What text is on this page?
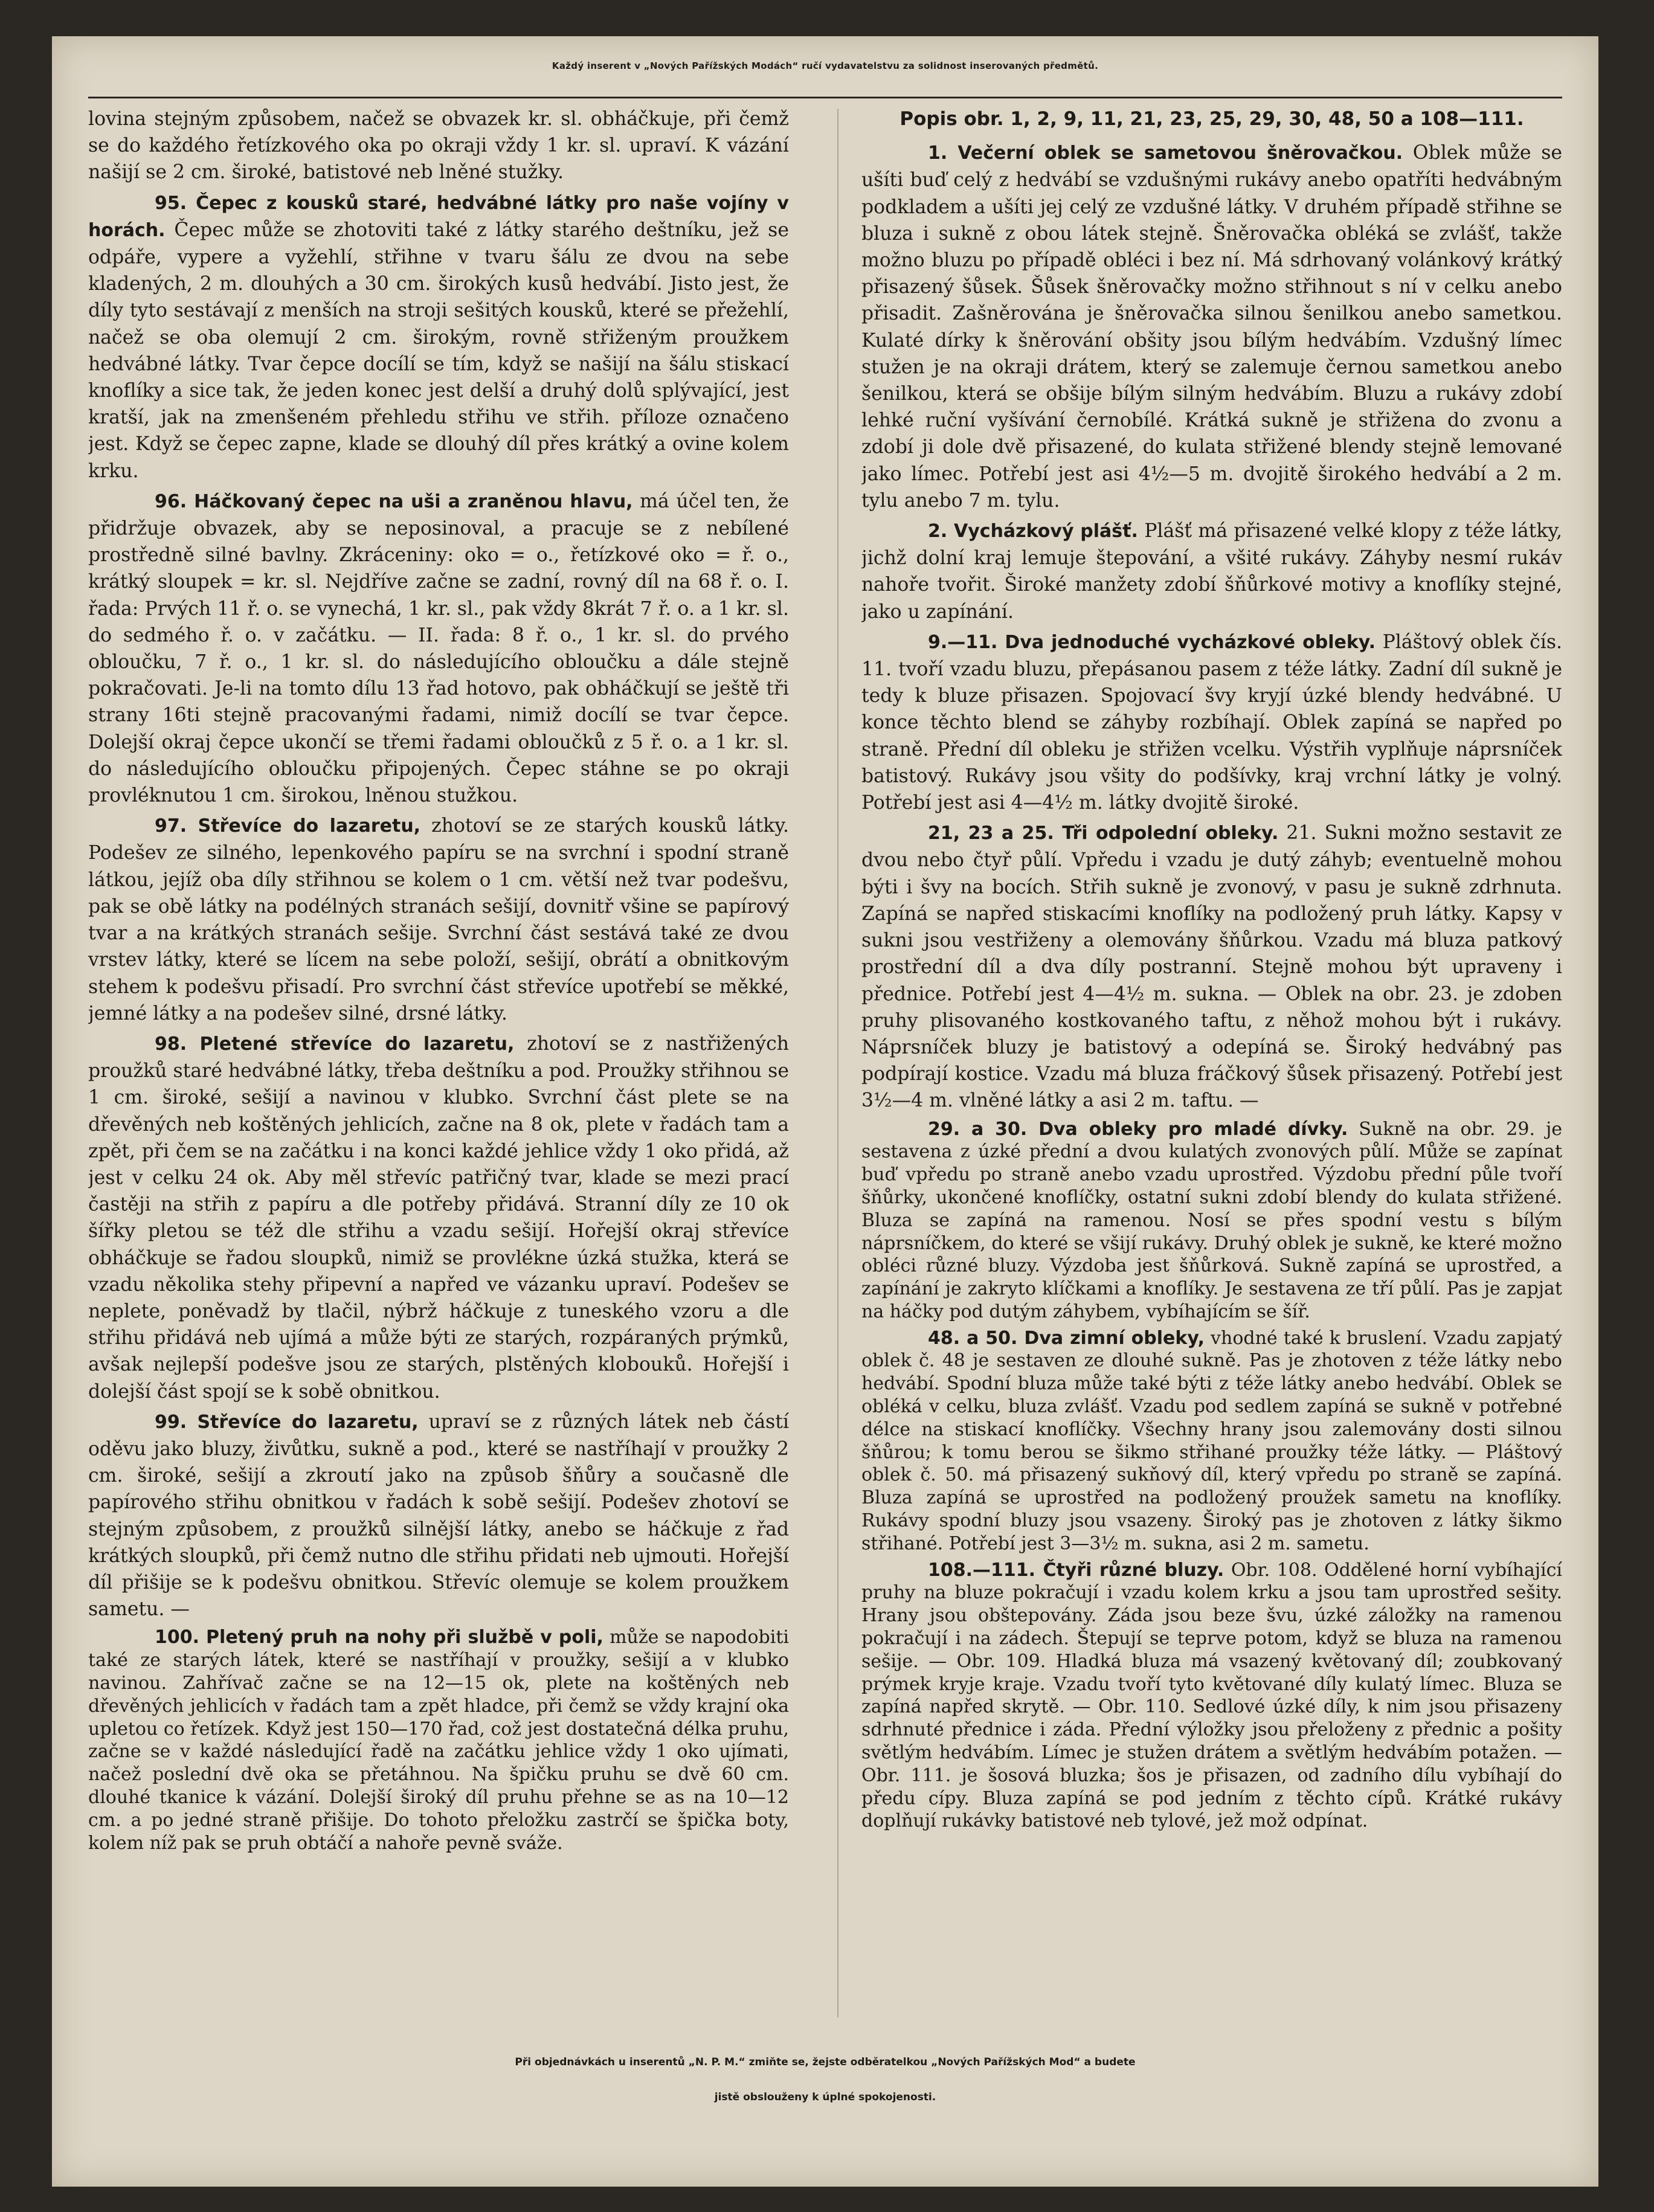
Každý inserent v „Nových Pařížských Modách“ ručí vydavatelstvu za solidnost inserovaných předmětů.

lovina stejným způsobem, načež se obvazek kr. sl. obháčkuje, při čemž se do každého řetízkového oka po okraji vždy 1 kr. sl. upraví. K vázání našijí se 2 cm. široké, batistové neb lněné stužky.

95. Čepec z kousků staré, hedvábné látky pro naše vojíny v horách. Čepec může se zhotoviti také z látky starého deštníku, jež se odpáře, vypere a vyžehlí, střihne v tvaru šálu ze dvou na sebe kladených, 2 m. dlouhých a 30 cm. širokých kusů hedvábí. Jisto jest, že díly tyto sestávají z menších na stroji sešitých kousků, které se přežehlí, načež se oba olemují 2 cm. širokým, rovně střiženým proužkem hedvábné látky. Tvar čepce docílí se tím, když se našijí na šálu stiskací knoflíky a sice tak, že jeden konec jest delší a druhý dolů splývající, jest kratší, jak na zmenšeném přehledu střihu ve střih. příloze označeno jest. Když se čepec zapne, klade se dlouhý díl přes krátký a ovine kolem krku.

96. Háčkovaný čepec na uši a zraněnou hlavu, má účel ten, že přidržuje obvazek, aby se neposinoval, a pracuje se z nebílené prostředně silné bavlny. Zkráceniny: oko = o., řetízkové oko = ř. o., krátký sloupek = kr. sl. Nejdříve začne se zadní, rovný díl na 68 ř. o. I. řada: Prvých 11 ř. o. se vynechá, 1 kr. sl., pak vždy 8krát 7 ř. o. a 1 kr. sl. do sedmého ř. o. v začátku. — II. řada: 8 ř. o., 1 kr. sl. do prvého obloučku, 7 ř. o., 1 kr. sl. do následujícího obloučku a dále stejně pokračovati. Je-li na tomto dílu 13 řad hotovo, pak obháčkují se ještě tři strany 16ti stejně pracovanými řadami, nimiž docílí se tvar čepce. Dolejší okraj čepce ukončí se třemi řadami obloučků z 5 ř. o. a 1 kr. sl. do následujícího obloučku připojených. Čepec stáhne se po okraji provléknutou 1 cm. širokou, lněnou stužkou.

97. Střevíce do lazaretu, zhotoví se ze starých kousků látky. Podešev ze silného, lepenkového papíru se na svrchní i spodní straně látkou, jejíž oba díly střihnou se kolem o 1 cm. větší než tvar podešvu, pak se obě látky na podélných stranách sešijí, dovnitř všine se papírový tvar a na krátkých stranách sešije. Svrchní část sestává také ze dvou vrstev látky, které se lícem na sebe položí, sešijí, obrátí a obnitkovým stehem k podešvu přisadí. Pro svrchní část střevíce upotřebí se měkké, jemné látky a na podešev silné, drsné látky.

98. Pletené střevíce do lazaretu, zhotoví se z nastřižených proužků staré hedvábné látky, třeba deštníku a pod. Proužky střihnou se 1 cm. široké, sešijí a navinou v klubko. Svrchní část plete se na dřevěných neb koštěných jehlicích, začne na 8 ok, plete v řadách tam a zpět, při čem se na začátku i na konci každé jehlice vždy 1 oko přidá, až jest v celku 24 ok. Aby měl střevíc patřičný tvar, klade se mezi prací častěji na střih z papíru a dle potřeby přidává. Stranní díly ze 10 ok šířky pletou se též dle střihu a vzadu sešijí. Hořejší okraj střevíce obháčkuje se řadou sloupků, nimiž se provlékne úzká stužka, která se vzadu několika stehy připevní a napřed ve vázanku upraví. Podešev se neplete, poněvadž by tlačil, nýbrž háčkuje z tuneského vzoru a dle střihu přidává neb ujímá a může býti ze starých, rozpáraných prýmků, avšak nejlepší podešve jsou ze starých, plstěných klobouků. Hořejší i dolejší část spojí se k sobě obnitkou.

99. Střevíce do lazaretu, upraví se z různých látek neb částí oděvu jako bluzy, živůtku, sukně a pod., které se nastříhají v proužky 2 cm. široké, sešijí a zkroutí jako na způsob šňůry a současně dle papírového střihu obnitkou v řadách k sobě sešijí. Podešev zhotoví se stejným způsobem, z proužků silnější látky, anebo se háčkuje z řad krátkých sloupků, při čemž nutno dle střihu přidati neb ujmouti. Hořejší díl přišije se k podešvu obnitkou. Střevíc olemuje se kolem proužkem sametu. —

100. Pletený pruh na nohy při službě v poli, může se napodobiti také ze starých látek, které se nastříhají v proužky, sešijí a v klubko navinou. Zahřívač začne se na 12—15 ok, plete na koštěných neb dřevěných jehlicích v řadách tam a zpět hladce, při čemž se vždy krajní oka upletou co řetízek. Když jest 150—170 řad, což jest dostatečná délka pruhu, začne se v každé následující řadě na začátku jehlice vždy 1 oko ujímati, načež poslední dvě oka se přetáhnou. Na špičku pruhu se dvě 60 cm. dlouhé tkanice k vázání. Dolejší široký díl pruhu přehne se as na 10—12 cm. a po jedné straně přišije. Do tohoto přeložku zastrčí se špička boty, kolem níž pak se pruh obtáčí a nahoře pevně sváže.

Popis obr. 1, 2, 9, 11, 21, 23, 25, 29, 30, 48, 50 a 108—111.

1. Večerní oblek se sametovou šněrovačkou. Oblek může se ušíti buď celý z hedvábí se vzdušnými rukávy anebo opatříti hedvábným podkladem a ušíti jej celý ze vzdušné látky. V druhém případě střihne se bluza i sukně z obou látek stejně. Šněrovačka obléká se zvlášť, takže možno bluzu po případě obléci i bez ní. Má sdrhovaný volánkový krátký přisazený šůsek. Šůsek šněrovačky možno střihnout s ní v celku anebo přisadit. Zašněrována je šněrovačka silnou šenilkou anebo sametkou. Kulaté dírky k šněrování obšity jsou bílým hedvábím. Vzdušný límec stužen je na okraji drátem, který se zalemuje černou sametkou anebo šenilkou, která se obšije bílým silným hedvábím. Bluzu a rukávy zdobí lehké ruční vyšívání černobílé. Krátká sukně je střižena do zvonu a zdobí ji dole dvě přisazené, do kulata střižené blendy stejně lemované jako límec. Potřebí jest asi 4½—5 m. dvojitě širokého hedvábí a 2 m. tylu anebo 7 m. tylu.

2. Vycházkový plášť. Plášť má přisazené velké klopy z téže látky, jichž dolní kraj lemuje štepování, a všité rukávy. Záhyby nesmí rukáv nahoře tvořit. Široké manžety zdobí šňůrkové motivy a knoflíky stejné, jako u zapínání.

9.—11. Dva jednoduché vycházkové obleky. Pláštový oblek čís. 11. tvoří vzadu bluzu, přepásanou pasem z téže látky. Zadní díl sukně je tedy k bluze přisazen. Spojovací švy kryjí úzké blendy hedvábné. U konce těchto blend se záhyby rozbíhají. Oblek zapíná se napřed po straně. Přední díl obleku je střižen vcelku. Výstřih vyplňuje náprsníček batistový. Rukávy jsou všity do podšívky, kraj vrchní látky je volný. Potřebí jest asi 4—4½ m. látky dvojitě široké.

21, 23 a 25. Tři odpolední obleky. 21. Sukni možno sestavit ze dvou nebo čtyř půlí. Vpředu i vzadu je dutý záhyb; eventuelně mohou býti i švy na bocích. Střih sukně je zvonový, v pasu je sukně zdrhnuta. Zapíná se napřed stiskacími knoflíky na podložený pruh látky. Kapsy v sukni jsou vestřiženy a olemovány šňůrkou. Vzadu má bluza patkový prostřední díl a dva díly postranní. Stejně mohou být upraveny i přednice. Potřebí jest 4—4½ m. sukna. — Oblek na obr. 23. je zdoben pruhy plisovaného kostkovaného taftu, z něhož mohou být i rukávy. Náprsníček bluzy je batistový a odepíná se. Široký hedvábný pas podpírají kostice. Vzadu má bluza fráčkový šůsek přisazený. Potřebí jest 3½—4 m. vlněné látky a asi 2 m. taftu. —

29. a 30. Dva obleky pro mladé dívky. Sukně na obr. 29. je sestavena z úzké přední a dvou kulatých zvonových půlí. Může se zapínat buď vpředu po straně anebo vzadu uprostřed. Výzdobu přední půle tvoří šňůrky, ukončené knoflíčky, ostatní sukni zdobí blendy do kulata střižené. Bluza se zapíná na ramenou. Nosí se přes spodní vestu s bílým náprsníčkem, do které se všijí rukávy. Druhý oblek je sukně, ke které možno obléci různé bluzy. Výzdoba jest šňůrková. Sukně zapíná se uprostřed, a zapínání je zakryto klíčkami a knoflíky. Je sestavena ze tří půlí. Pas je zapjat na háčky pod dutým záhybem, vybíhajícím se šíř.

48. a 50. Dva zimní obleky, vhodné také k bruslení. Vzadu zapjatý oblek č. 48 je sestaven ze dlouhé sukně. Pas je zhotoven z téže látky nebo hedvábí. Spodní bluza může také býti z téže látky anebo hedvábí. Oblek se obléká v celku, bluza zvlášť. Vzadu pod sedlem zapíná se sukně v potřebné délce na stiskací knoflíčky. Všechny hrany jsou zalemovány dosti silnou šňůrou; k tomu berou se šikmo střihané proužky téže látky. — Pláštový oblek č. 50. má přisazený sukňový díl, který vpředu po straně se zapíná. Bluza zapíná se uprostřed na podložený proužek sametu na knoflíky. Rukávy spodní bluzy jsou vsazeny. Široký pas je zhotoven z látky šikmo střihané. Potřebí jest 3—3½ m. sukna, asi 2 m. sametu.

108.—111. Čtyři různé bluzy. Obr. 108. Oddělené horní vybíhající pruhy na bluze pokračují i vzadu kolem krku a jsou tam uprostřed sešity. Hrany jsou obštepovány. Záda jsou beze švu, úzké záložky na ramenou pokračují i na zádech. Štepují se teprve potom, když se bluza na ramenou sešije. — Obr. 109. Hladká bluza má vsazený květovaný díl; zoubkovaný prýmek kryje kraje. Vzadu tvoří tyto květované díly kulatý límec. Bluza se zapíná napřed skrytě. — Obr. 110. Sedlové úzké díly, k nim jsou přisazeny sdrhnuté přednice i záda. Přední výložky jsou přeloženy z přednic a pošity světlým hedvábím. Límec je stužen drátem a světlým hedvábím potažen. — Obr. 111. je šosová bluzka; šos je přisazen, od zadního dílu vybíhají do předu cípy. Bluza zapíná se pod jedním z těchto cípů. Krátké rukávy doplňují rukávky batistové neb tylové, jež mož odpínat.

Při objednávkách u inserentů „N. P. M.“ zmiňte se, žejste odběratelkou „Nových Pařížských Mod“ a budete
jistě obslouženy k úplné spokojenosti.
